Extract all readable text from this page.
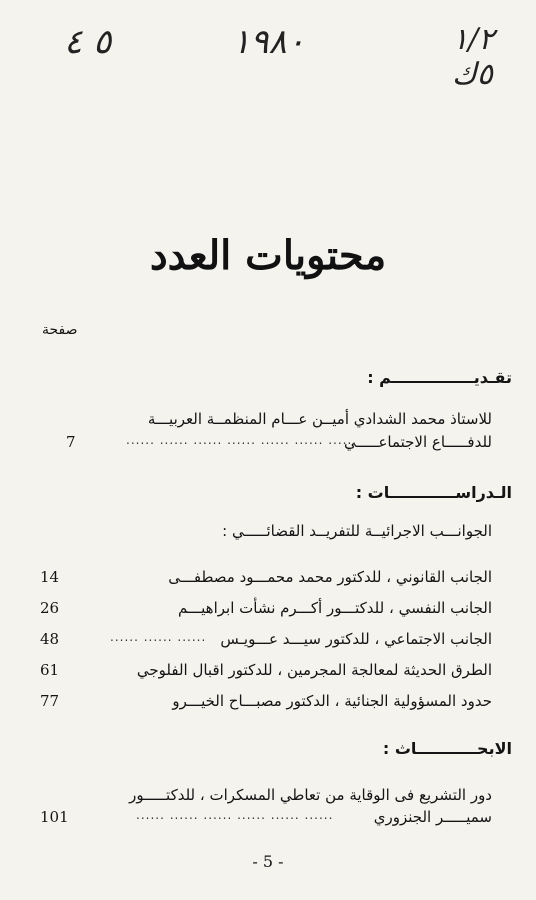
٥ ٤	١٩٨٠	١/٢ ٥ك
محتويات العدد
صفحة
تقـديـــــــــــــــم :
للاستاذ محمد الشدادي أميــن عـــام المنظمــة العربيـــة
للدفـــــاع الاجتماعـــــي
...... ...... ...... ...... ...... ...... ......
7
الـدراســــــــــــات :
الجوانـــب الاجرائيــة للتفريــد القضائـــــي :
الجانب القانوني ، للدكتور محمد محمـــود مصطفـــى
14
الجانب النفسي ، للدكتـــور أكـــرم نشأت ابراهيـــم
26
الجانب الاجتماعي ، للدكتور سيـــد عـــويـس
...... ...... ......
48
الطرق الحديثة لمعالجة المجرمين ، للدكتور اقبال الفلوجي
61
حدود المسؤولية الجنائية ، الدكتور مصبـــاح الخيـــرو
77
الابحـــــــــــاث :
دور التشريع فى الوقاية من تعاطي المسكرات ، للدكتـــــور
سميـــــر الجنزوري
...... ...... ...... ...... ...... ......
101
- 5 -
